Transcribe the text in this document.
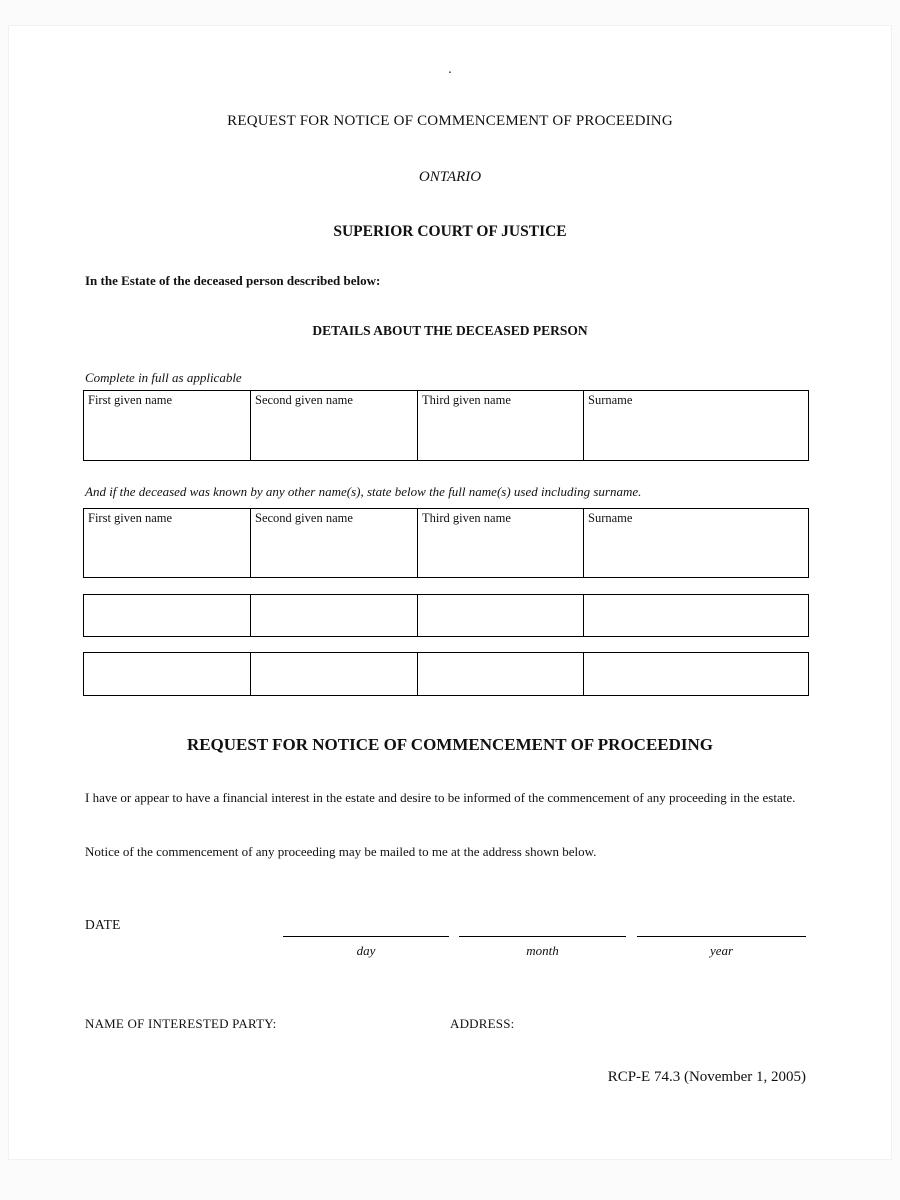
.
REQUEST FOR NOTICE OF COMMENCEMENT OF PROCEEDING
ONTARIO
SUPERIOR COURT OF JUSTICE
In the Estate of the deceased person described below:
DETAILS ABOUT THE DECEASED PERSON
Complete in full as applicable
First given name	Second given name	Third given name	Surname
And if the deceased was known by any other name(s), state below the full name(s) used including surname.
First given name	Second given name	Third given name	Surname

REQUEST FOR NOTICE OF COMMENCEMENT OF PROCEEDING
I have or appear to have a financial interest in the estate and desire to be informed of the commencement of any proceeding in the estate.
Notice of the commencement of any proceeding may be mailed to me at the address shown below.
DATE
day	month	year
NAME OF INTERESTED PARTY:	ADDRESS:
RCP-E 74.3 (November 1, 2005)
